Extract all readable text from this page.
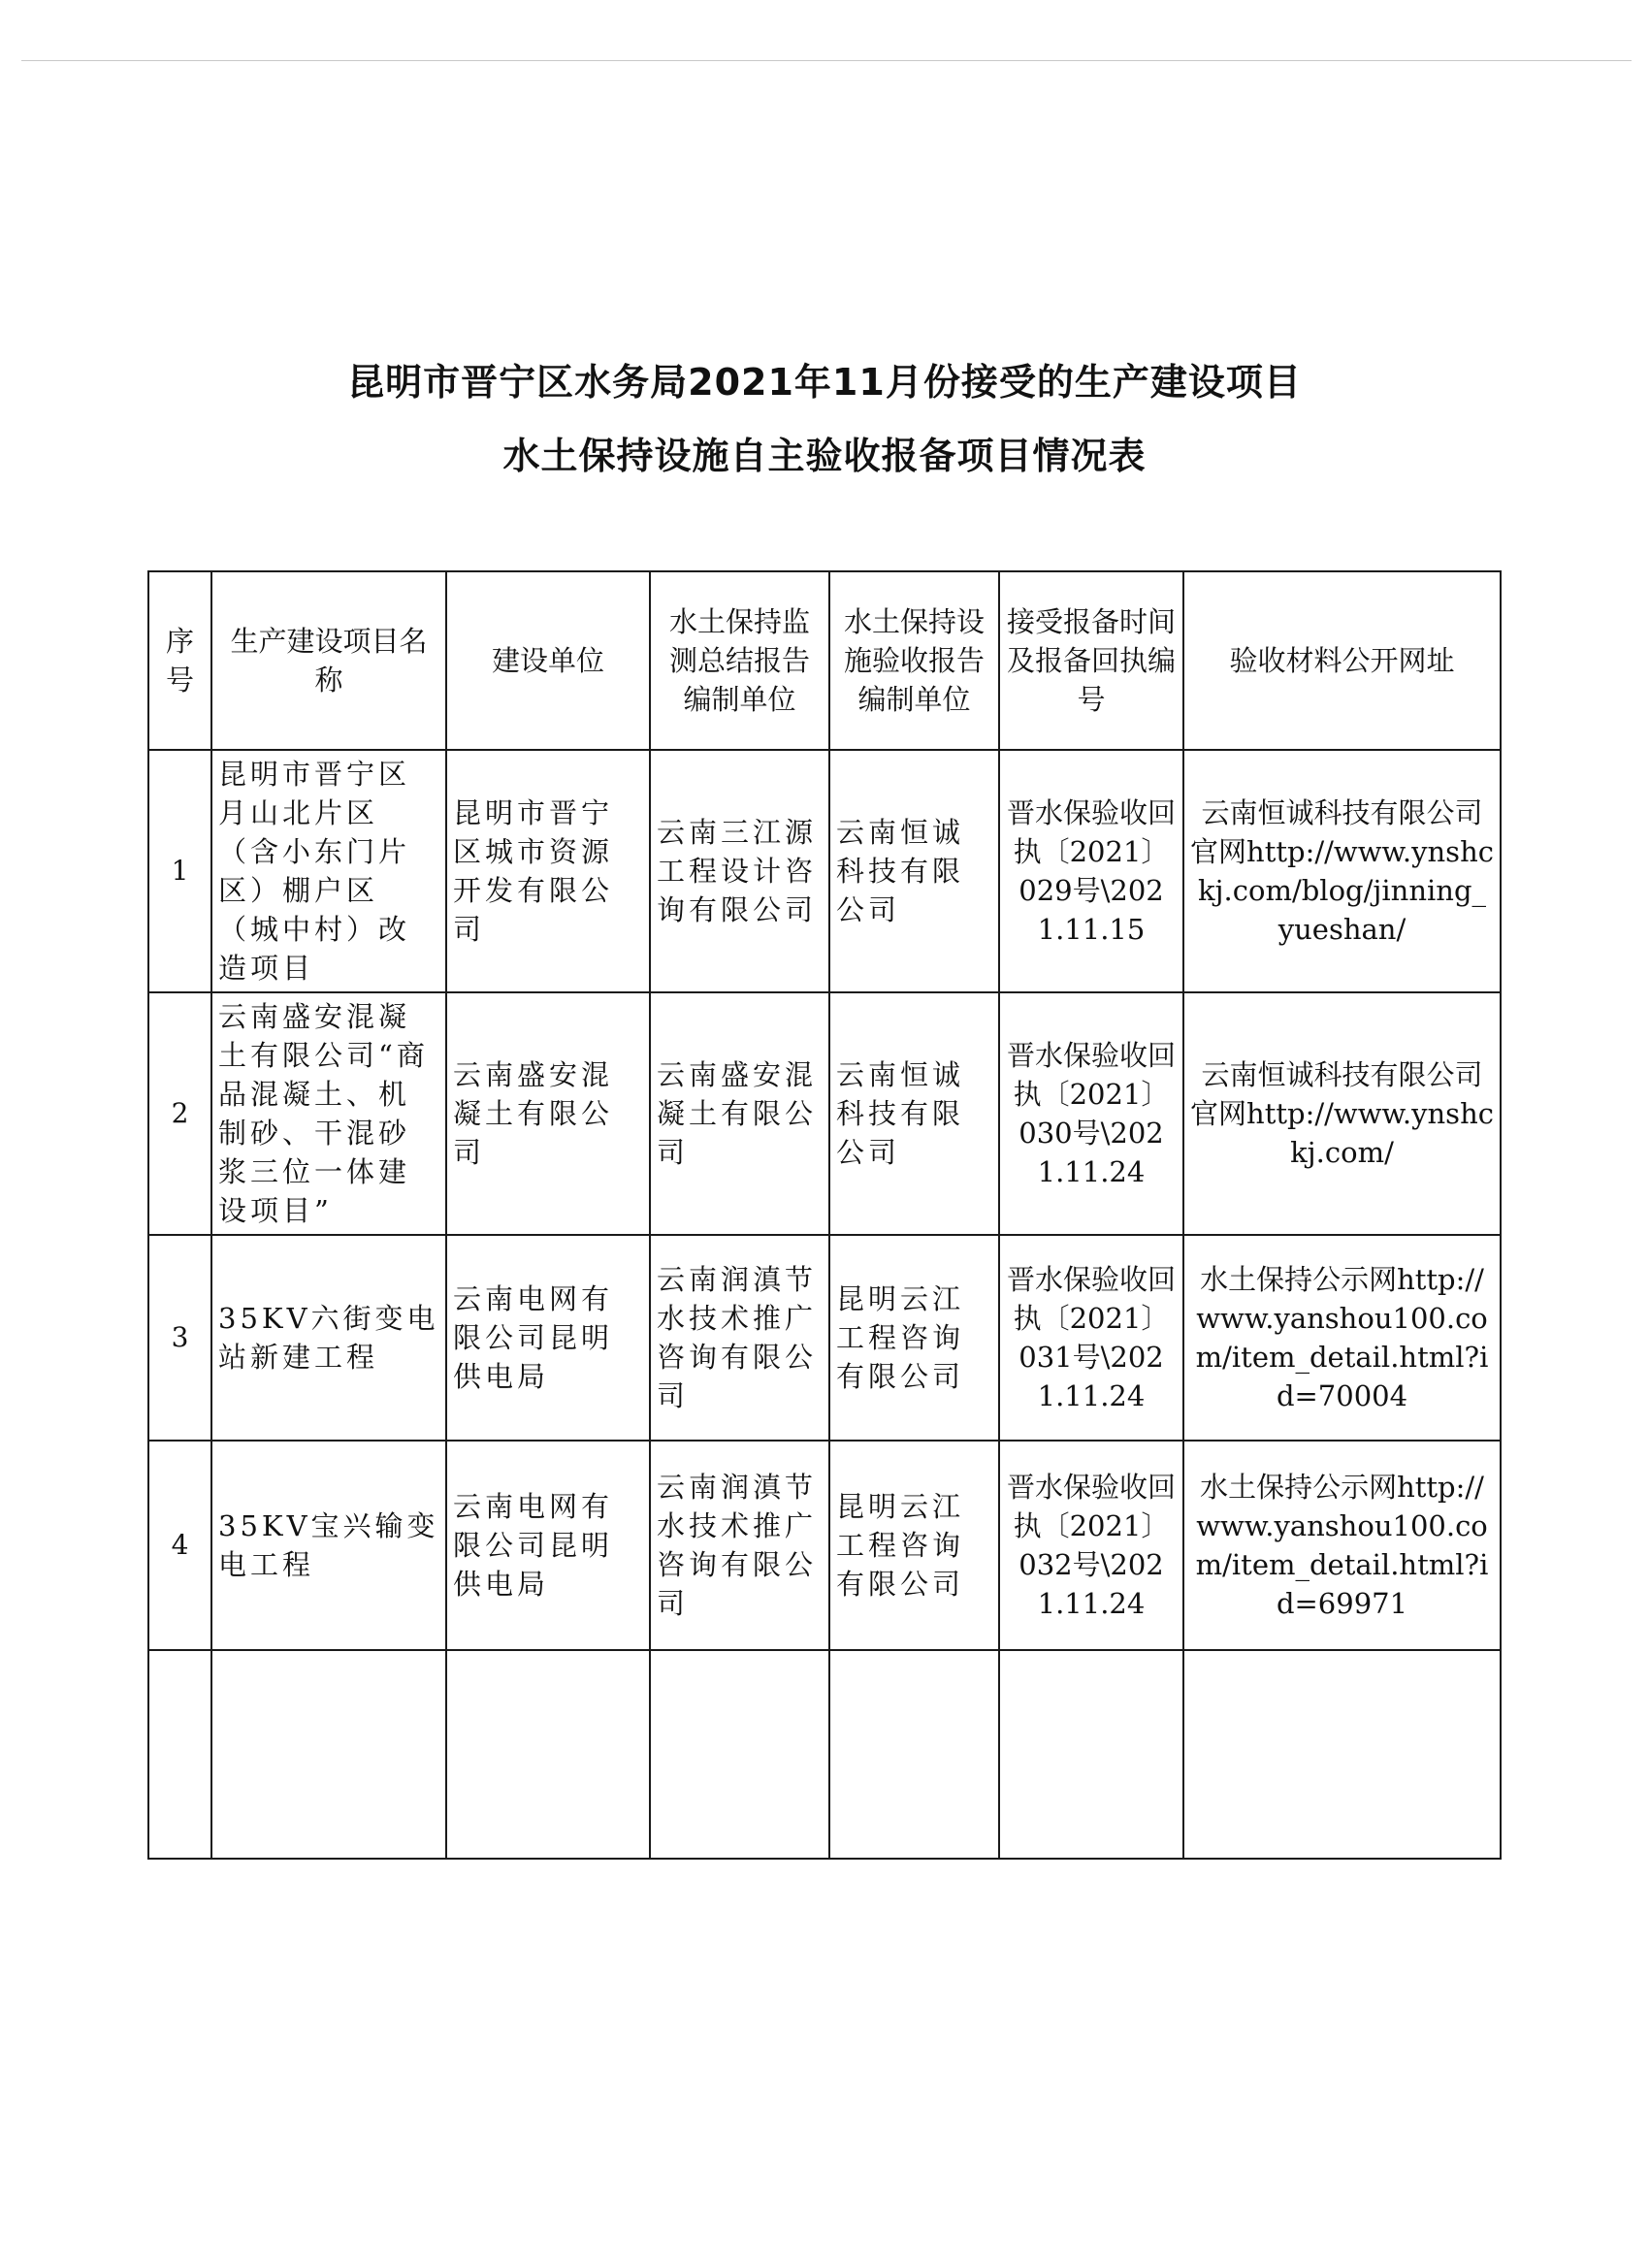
昆明市晋宁区水务局2021年11月份接受的生产建设项目
水土保持设施自主验收报备项目情况表
序号	生产建设项目名称	建设单位	水土保持监测总结报告编制单位	水土保持设施验收报告编制单位	接受报备时间及报备回执编号	验收材料公开网址
1	昆明市晋宁区月山北片区（含小东门片区）棚户区（城中村）改造项目	昆明市晋宁区城市资源开发有限公司	云南三江源工程设计咨询有限公司	云南恒诚科技有限公司	晋水保验收回执〔2021〕029号\2021.11.15	云南恒诚科技有限公司官网http://www.ynshckj.com/blog/jinning_yueshan/
2	云南盛安混凝土有限公司“商品混凝土、机制砂、干混砂浆三位一体建设项目”	云南盛安混凝土有限公司	云南盛安混凝土有限公司	云南恒诚科技有限公司	晋水保验收回执〔2021〕030号\2021.11.24	云南恒诚科技有限公司官网http://www.ynshckj.com/
3	35KV六街变电站新建工程	云南电网有限公司昆明供电局	云南润滇节水技术推广咨询有限公司	昆明云江工程咨询有限公司	晋水保验收回执〔2021〕031号\2021.11.24	水土保持公示网http://www.yanshou100.com/item_detail.html?id=70004
4	35KV宝兴输变电工程	云南电网有限公司昆明供电局	云南润滇节水技术推广咨询有限公司	昆明云江工程咨询有限公司	晋水保验收回执〔2021〕032号\2021.11.24	水土保持公示网http://www.yanshou100.com/item_detail.html?id=69971
